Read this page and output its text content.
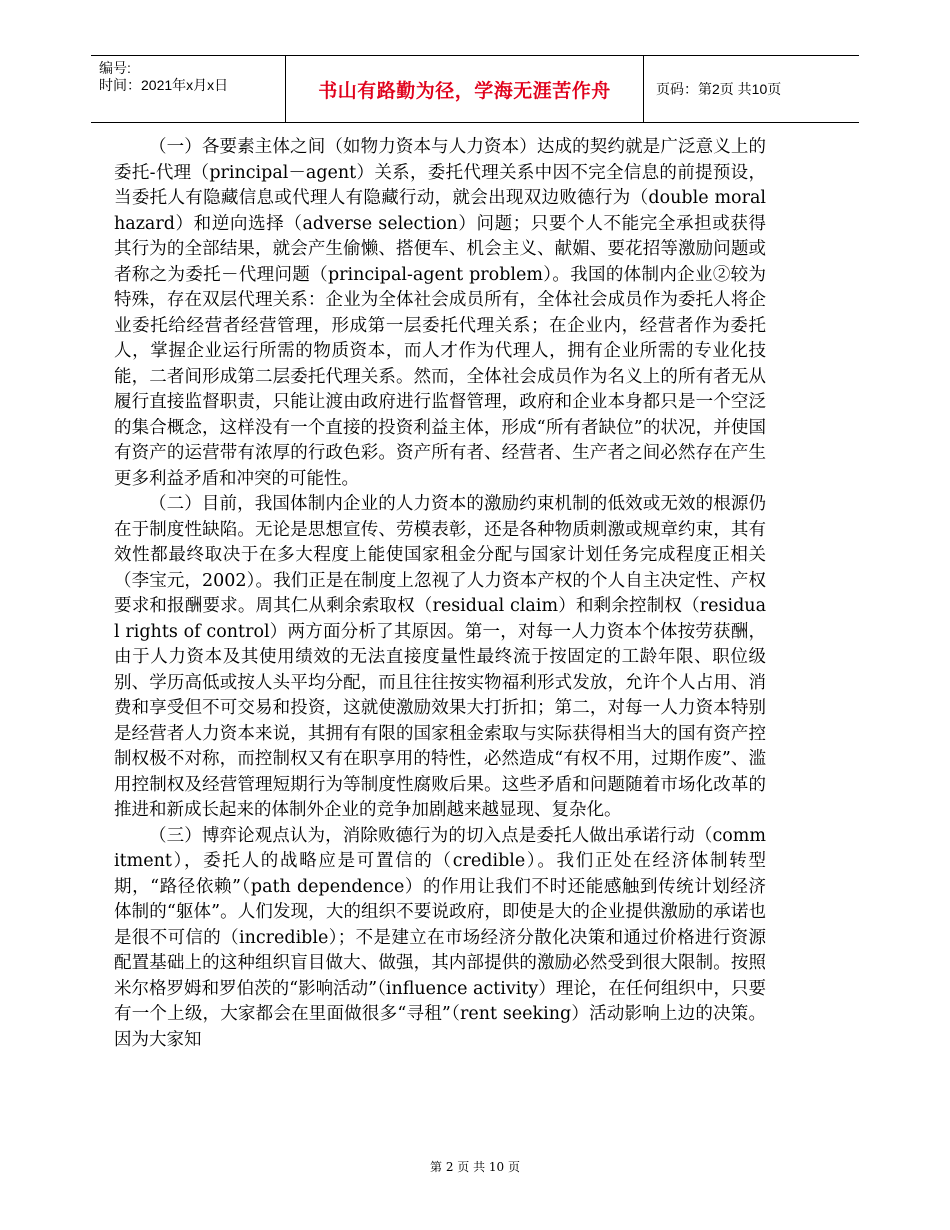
编号:
时间：2021年x月x日	书山有路勤为径，学海无涯苦作舟	页码：第2页 共10页

（一）各要素主体之间（如物力资本与人力资本）达成的契约就是广泛意义上的委托-代理（principal－agent）关系，委托代理关系中因不完全信息的前提预设，当委托人有隐藏信息或代理人有隐藏行动，就会出现双边败德行为（double moral hazard）和逆向选择（adverse selection）问题；只要个人不能完全承担或获得其行为的全部结果，就会产生偷懒、搭便车、机会主义、献媚、要花招等激励问题或者称之为委托－代理问题（principal-agent problem）。我国的体制内企业②较为特殊，存在双层代理关系：企业为全体社会成员所有，全体社会成员作为委托人将企业委托给经营者经营管理，形成第一层委托代理关系；在企业内，经营者作为委托人，掌握企业运行所需的物质资本，而人才作为代理人，拥有企业所需的专业化技能，二者间形成第二层委托代理关系。然而，全体社会成员作为名义上的所有者无从履行直接监督职责，只能让渡由政府进行监督管理，政府和企业本身都只是一个空泛的集合概念，这样没有一个直接的投资利益主体，形成“所有者缺位”的状况，并使国有资产的运营带有浓厚的行政色彩。资产所有者、经营者、生产者之间必然存在产生更多利益矛盾和冲突的可能性。

（二）目前，我国体制内企业的人力资本的激励约束机制的低效或无效的根源仍在于制度性缺陷。无论是思想宣传、劳模表彰，还是各种物质刺激或规章约束，其有效性都最终取决于在多大程度上能使国家租金分配与国家计划任务完成程度正相关（李宝元，2002）。我们正是在制度上忽视了人力资本产权的个人自主决定性、产权要求和报酬要求。周其仁从剩余索取权（residual claim）和剩余控制权（residual rights of control）两方面分析了其原因。第一，对每一人力资本个体按劳获酬，由于人力资本及其使用绩效的无法直接度量性最终流于按固定的工龄年限、职位级别、学历高低或按人头平均分配，而且往往按实物福利形式发放，允许个人占用、消费和享受但不可交易和投资，这就使激励效果大打折扣；第二，对每一人力资本特别是经营者人力资本来说，其拥有有限的国家租金索取与实际获得相当大的国有资产控制权极不对称，而控制权又有在职享用的特性，必然造成“有权不用，过期作废”、滥用控制权及经营管理短期行为等制度性腐败后果。这些矛盾和问题随着市场化改革的推进和新成长起来的体制外企业的竞争加剧越来越显现、复杂化。

（三）博弈论观点认为，消除败德行为的切入点是委托人做出承诺行动（commitment），委托人的战略应是可置信的（credible）。我们正处在经济体制转型期，“路径依赖”（path dependence）的作用让我们不时还能感触到传统计划经济体制的“躯体”。人们发现，大的组织不要说政府，即使是大的企业提供激励的承诺也是很不可信的（incredible）；不是建立在市场经济分散化决策和通过价格进行资源配置基础上的这种组织盲目做大、做强，其内部提供的激励必然受到很大限制。按照米尔格罗姆和罗伯茨的“影响活动”（influence activity）理论，在任何组织中，只要有一个上级，大家都会在里面做很多“寻租”（rent seeking）活动影响上边的决策。因为大家知

第 2 页 共 10 页
